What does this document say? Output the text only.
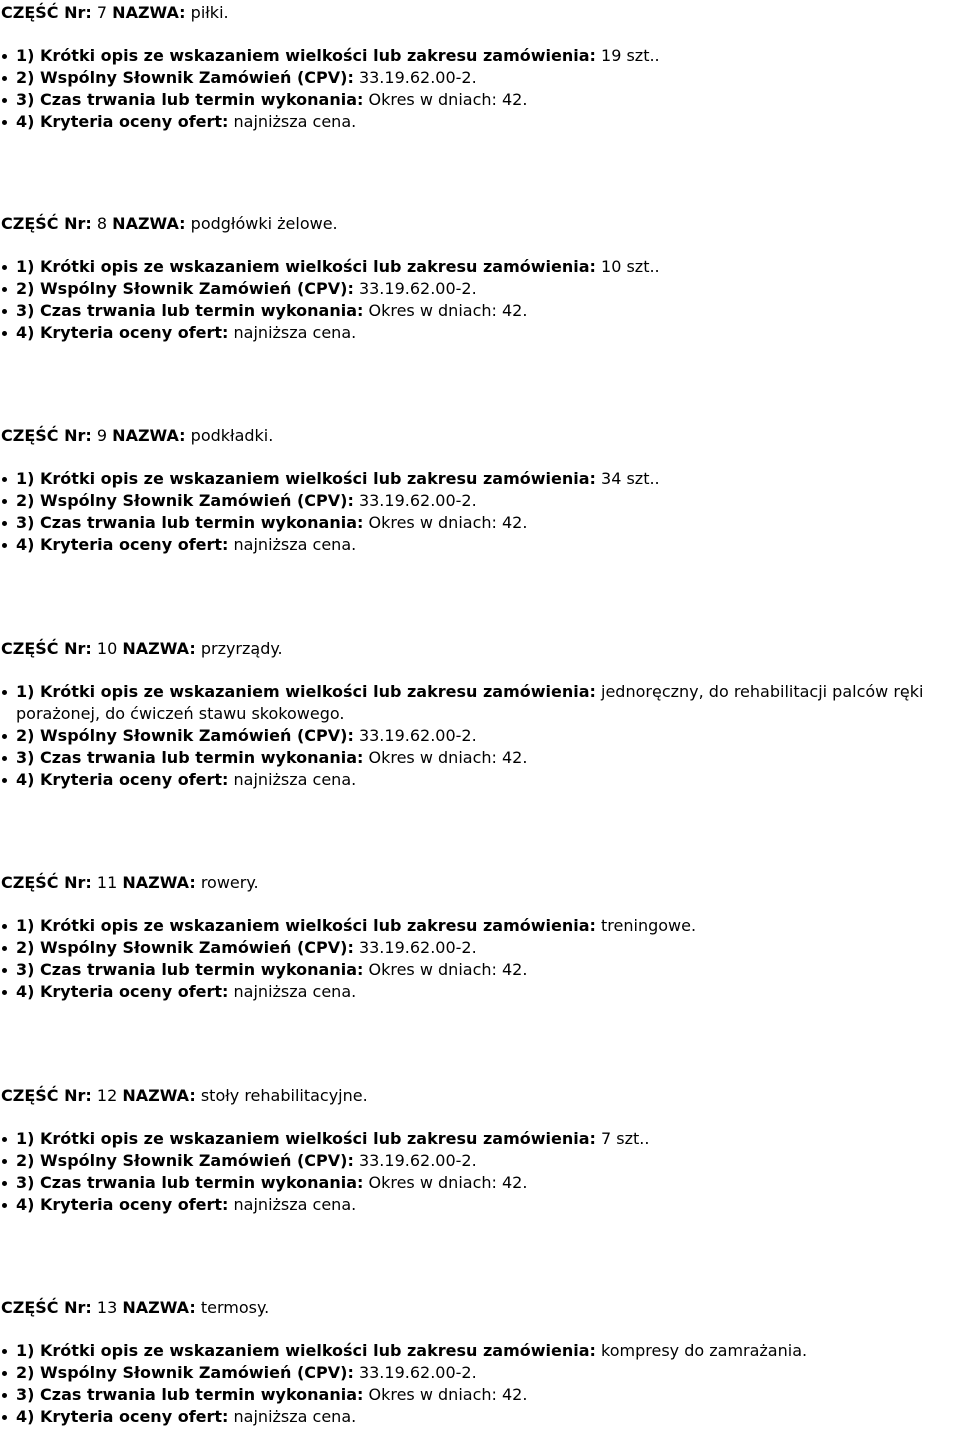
CZĘŚĆ Nr: 7 NAZWA: piłki.

1) Krótki opis ze wskazaniem wielkości lub zakresu zamówienia: 19 szt..
2) Wspólny Słownik Zamówień (CPV): 33.19.62.00-2.
3) Czas trwania lub termin wykonania: Okres w dniach: 42.
4) Kryteria oceny ofert: najniższa cena.

CZĘŚĆ Nr: 8 NAZWA: podgłówki żelowe.

1) Krótki opis ze wskazaniem wielkości lub zakresu zamówienia: 10 szt..
2) Wspólny Słownik Zamówień (CPV): 33.19.62.00-2.
3) Czas trwania lub termin wykonania: Okres w dniach: 42.
4) Kryteria oceny ofert: najniższa cena.

CZĘŚĆ Nr: 9 NAZWA: podkładki.

1) Krótki opis ze wskazaniem wielkości lub zakresu zamówienia: 34 szt..
2) Wspólny Słownik Zamówień (CPV): 33.19.62.00-2.
3) Czas trwania lub termin wykonania: Okres w dniach: 42.
4) Kryteria oceny ofert: najniższa cena.

CZĘŚĆ Nr: 10 NAZWA: przyrządy.

1) Krótki opis ze wskazaniem wielkości lub zakresu zamówienia: jednoręczny, do rehabilitacji palców ręki porażonej, do ćwiczeń stawu skokowego.
2) Wspólny Słownik Zamówień (CPV): 33.19.62.00-2.
3) Czas trwania lub termin wykonania: Okres w dniach: 42.
4) Kryteria oceny ofert: najniższa cena.

CZĘŚĆ Nr: 11 NAZWA: rowery.

1) Krótki opis ze wskazaniem wielkości lub zakresu zamówienia: treningowe.
2) Wspólny Słownik Zamówień (CPV): 33.19.62.00-2.
3) Czas trwania lub termin wykonania: Okres w dniach: 42.
4) Kryteria oceny ofert: najniższa cena.

CZĘŚĆ Nr: 12 NAZWA: stoły rehabilitacyjne.

1) Krótki opis ze wskazaniem wielkości lub zakresu zamówienia: 7 szt..
2) Wspólny Słownik Zamówień (CPV): 33.19.62.00-2.
3) Czas trwania lub termin wykonania: Okres w dniach: 42.
4) Kryteria oceny ofert: najniższa cena.

CZĘŚĆ Nr: 13 NAZWA: termosy.

1) Krótki opis ze wskazaniem wielkości lub zakresu zamówienia: kompresy do zamrażania.
2) Wspólny Słownik Zamówień (CPV): 33.19.62.00-2.
3) Czas trwania lub termin wykonania: Okres w dniach: 42.
4) Kryteria oceny ofert: najniższa cena.
